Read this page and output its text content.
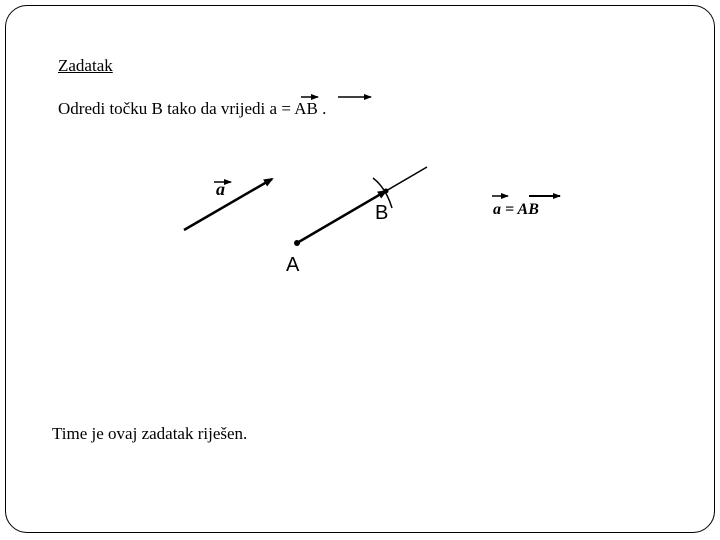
Zadatak
Odredi točku B tako da vrijedi a = AB .
a
B
A
a = AB
Time je ovaj zadatak riješen.
